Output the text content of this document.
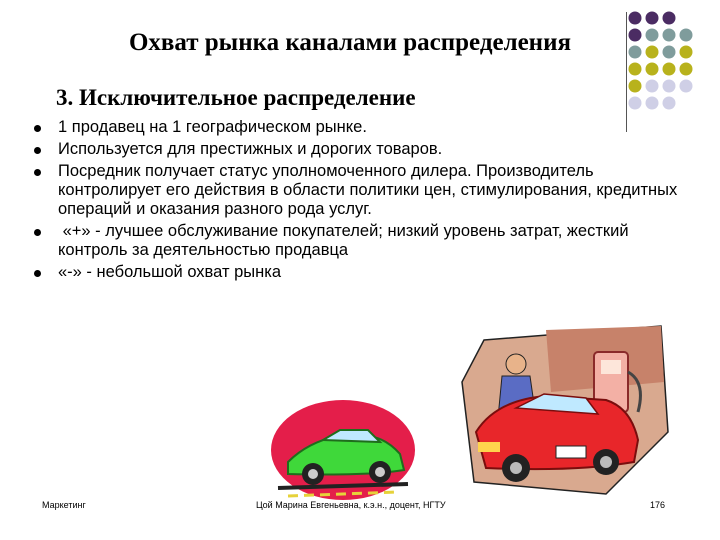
Охват рынка каналами распределения
3. Исключительное распределение
1 продавец на 1 географическом рынке.
Используется для престижных и дорогих товаров.
Посредник получает статус уполномоченного дилера. Производитель контролирует его действия в области политики цен, стимулирования, кредитных операций и оказания разного рода услуг.
«+» - лучшее обслуживание покупателей; низкий уровень затрат, жесткий контроль за деятельностью продавца
«-» - небольшой охват рынка
Маркетинг	Цой Марина Евгеньевна, к.э.н., доцент, НГТУ	176
